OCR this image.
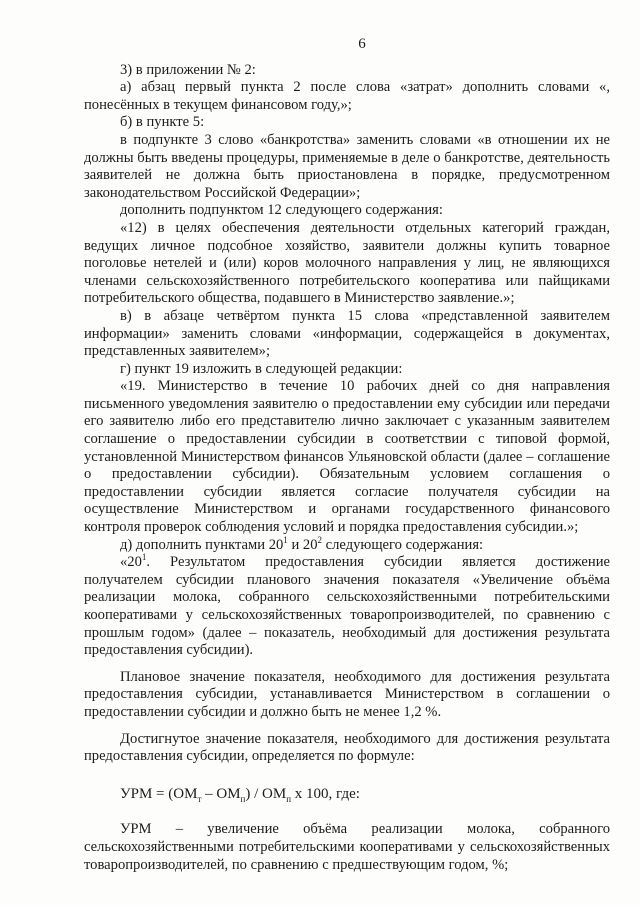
6

3) в приложении № 2:

а) абзац первый пункта 2 после слова «затрат» дополнить словами «, понесённых в текущем финансовом году,»;

б) в пункте 5:

в подпункте 3 слово «банкротства» заменить словами «в отношении их не должны быть введены процедуры, применяемые в деле о банкротстве, деятельность заявителей не должна быть приостановлена в порядке, предусмотренном законодательством Российской Федерации»;

дополнить подпунктом 12 следующего содержания:

«12) в целях обеспечения деятельности отдельных категорий граждан, ведущих личное подсобное хозяйство, заявители должны купить товарное поголовье нетелей и (или) коров молочного направления у лиц, не являющихся членами сельскохозяйственного потребительского кооператива или пайщиками потребительского общества, подавшего в Министерство заявление.»;

в) в абзаце четвёртом пункта 15 слова «представленной заявителем информации» заменить словами «информации, содержащейся в документах, представленных заявителем»;

г) пункт 19 изложить в следующей редакции:

«19. Министерство в течение 10 рабочих дней со дня направления письменного уведомления заявителю о предоставлении ему субсидии или передачи его заявителю либо его представителю лично заключает с указанным заявителем соглашение о предоставлении субсидии в соответствии с типовой формой, установленной Министерством финансов Ульяновской области (далее – соглашение о предоставлении субсидии). Обязательным условием соглашения о предоставлении субсидии является согласие получателя субсидии на осуществление Министерством и органами государственного финансового контроля проверок соблюдения условий и порядка предоставления субсидии.»;

д) дополнить пунктами $20^1$ и $20^2$ следующего содержания:

«$20^1$. Результатом предоставления субсидии является достижение получателем субсидии планового значения показателя «Увеличение объёма реализации молока, собранного сельскохозяйственными потребительскими кооперативами у сельскохозяйственных товаропроизводителей, по сравнению с прошлым годом» (далее – показатель, необходимый для достижения результата предоставления субсидии).

Плановое значение показателя, необходимого для достижения результата предоставления субсидии, устанавливается Министерством в соглашении о предоставлении субсидии и должно быть не менее 1,2 %.

Достигнутое значение показателя, необходимого для достижения результата предоставления субсидии, определяется по формуле:

УРМ = $(ОМ_т - ОМ_п) / ОМ_п$ х 100, где:

УРМ – увеличение объёма реализации молока, собранного сельскохозяйственными потребительскими кооперативами у сельскохозяйственных товаропроизводителей, по сравнению с предшествующим годом, %;
